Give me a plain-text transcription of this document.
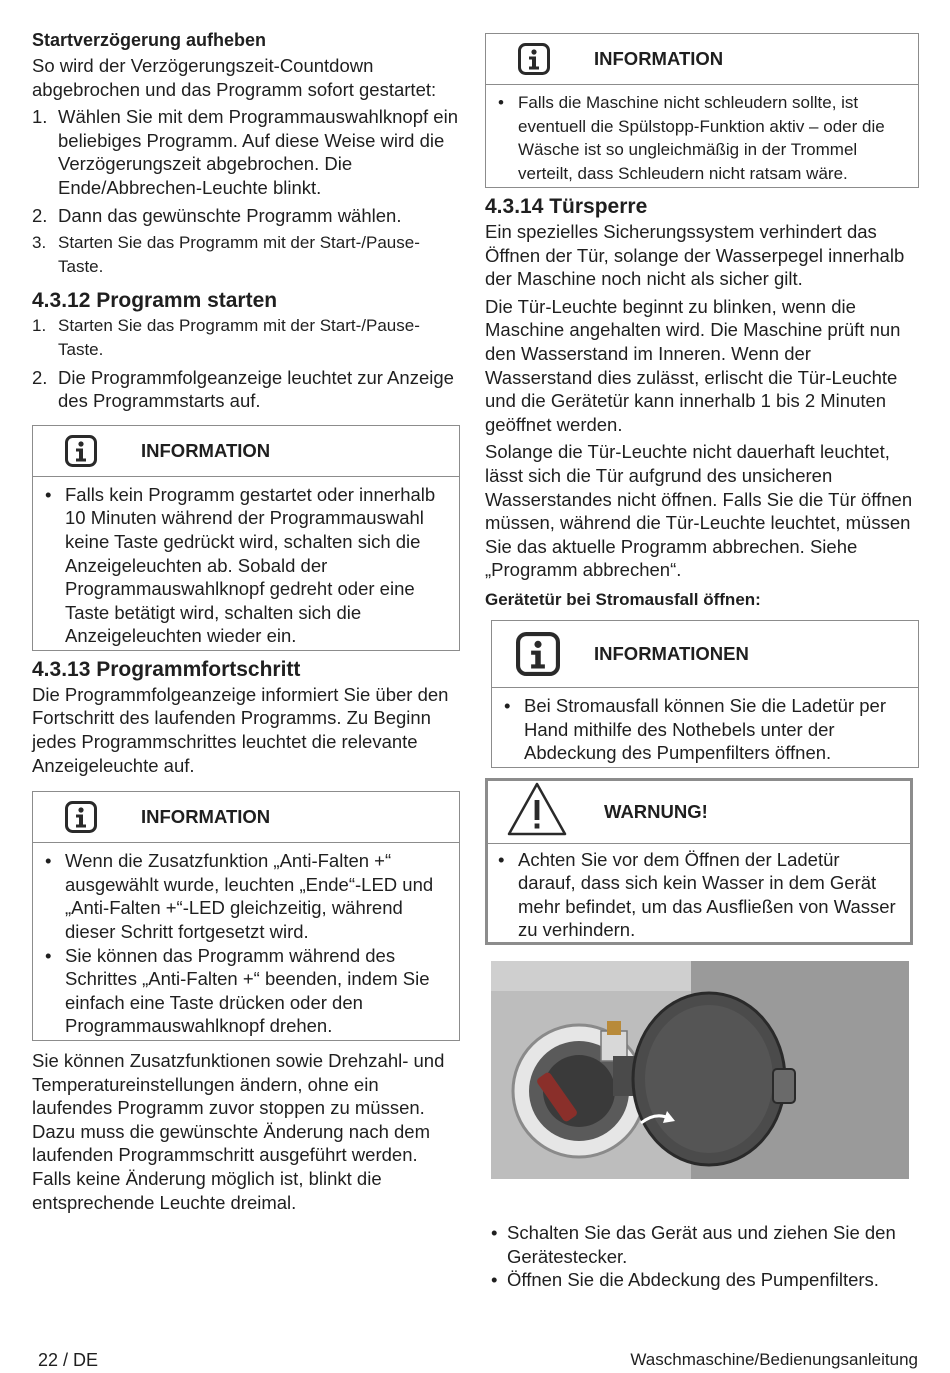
Startverzögerung aufheben

So wird der Verzögerungszeit-Countdown abgebrochen und das Programm sofort gestartet:

1. Wählen Sie mit dem Programmauswahlknopf ein beliebiges Programm. Auf diese Weise wird die Verzögerungszeit abgebrochen. Die Ende/Abbrechen-Leuchte blinkt.
2. Dann das gewünschte Programm wählen.
3. Starten Sie das Programm mit der Start-/Pause-Taste.
4.3.12 Programm starten
1. Starten Sie das Programm mit der Start-/Pause-Taste.
2. Die Programmfolgeanzeige leuchtet zur Anzeige des Programmstarts auf.
INFORMATION
• Falls kein Programm gestartet oder innerhalb 10 Minuten während der Programmauswahl keine Taste gedrückt wird, schalten sich die Anzeigeleuchten ab. Sobald der Programmauswahlknopf gedreht oder eine Taste betätigt wird, schalten sich die Anzeigeleuchten wieder ein.
4.3.13 Programmfortschritt

Die Programmfolgeanzeige informiert Sie über den Fortschritt des laufenden Programms. Zu Beginn jedes Programmschrittes leuchtet die relevante Anzeigeleuchte auf.

INFORMATION
• Wenn die Zusatzfunktion „Anti-Falten +“ ausgewählt wurde, leuchten „Ende“-LED und „Anti-Falten +“-LED gleichzeitig, während dieser Schritt fortgesetzt wird.
• Sie können das Programm während des Schrittes „Anti-Falten +“ beenden, indem Sie einfach eine Taste drücken oder den Programmauswahlknopf drehen.

Sie können Zusatzfunktionen sowie Drehzahl- und Temperatureinstellungen ändern, ohne ein laufendes Programm zuvor stoppen zu müssen. Dazu muss die gewünschte Änderung nach dem laufenden Programmschritt ausgeführt werden. Falls keine Änderung möglich ist, blinkt die entsprechende Leuchte dreimal.

INFORMATION
• Falls die Maschine nicht schleudern sollte, ist eventuell die Spülstopp-Funktion aktiv – oder die Wäsche ist so ungleichmäßig in der Trommel verteilt, dass Schleudern nicht ratsam wäre.
4.3.14 Türsperre

Ein spezielles Sicherungssystem verhindert das Öffnen der Tür, solange der Wasserpegel innerhalb der Maschine noch nicht als sicher gilt.

Die Tür-Leuchte beginnt zu blinken, wenn die Maschine angehalten wird. Die Maschine prüft nun den Wasserstand im Inneren. Wenn der Wasserstand dies zulässt, erlischt die Tür-Leuchte und die Gerätetür kann innerhalb 1 bis 2 Minuten geöffnet werden.

Solange die Tür-Leuchte nicht dauerhaft leuchtet, lässt sich die Tür aufgrund des unsicheren Wasserstandes nicht öffnen. Falls Sie die Tür öffnen müssen, während die Tür-Leuchte leuchtet, müssen Sie das aktuelle Programm abbrechen. Siehe „Programm abbrechen“.

Gerätetür bei Stromausfall öffnen:
INFORMATIONEN
• Bei Stromausfall können Sie die Ladetür per Hand mithilfe des Nothebels unter der Abdeckung des Pumpenfilters öffnen.
WARNUNG!
• Achten Sie vor dem Öffnen der Ladetür darauf, dass sich kein Wasser in dem Gerät mehr befindet, um das Ausfließen von Wasser zu verhindern.
• Schalten Sie das Gerät aus und ziehen Sie den Gerätestecker.
• Öffnen Sie die Abdeckung des Pumpenfilters.
22 / DE	Waschmaschine/Bedienungsanleitung
